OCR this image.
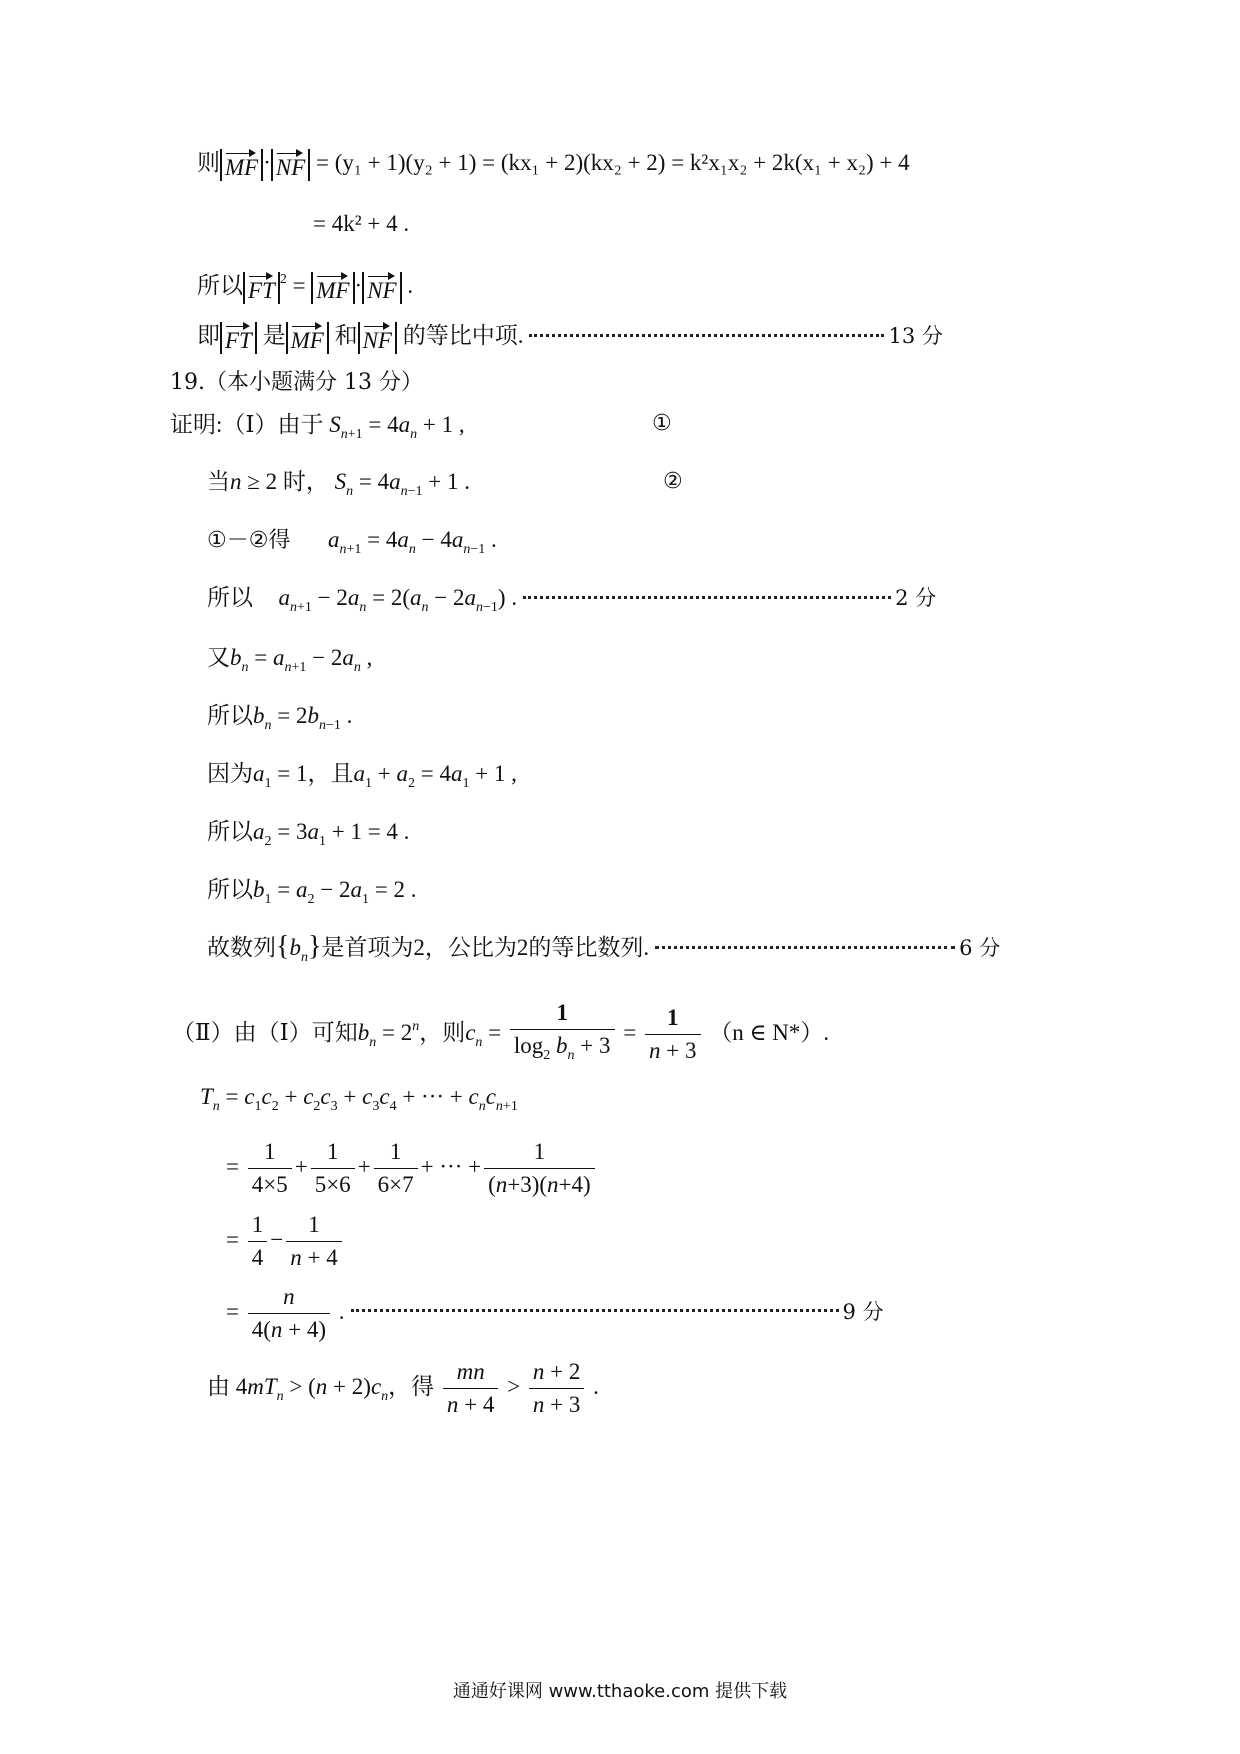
则 MF · NF = (y₁ + 1)(y₂ + 1) = (kx₁ + 2)(kx₂ + 2) = k²x₁x₂ + 2k(x₁ + x₂) + 4
= 4k² + 4 .
所以 FT $^2$ = MF · NF .
即 FT 是 MF 和 NF 的等比中项.	13 分
19.（本小题满分 13 分）
证明:（Ⅰ）由于 $S_{n+1} = 4a_n + 1$ ,	①
当n ≥ 2 时， $S_n = 4a_{n-1} + 1$ .	②
①－②得 $a_{n+1} = 4a_n - 4a_{n-1}$ .
所以 $a_{n+1} - 2a_n = 2(a_n - 2a_{n-1})$ .	2 分
又$b_n = a_{n+1} - 2a_n$ ,
所以$b_n = 2b_{n-1}$ .
因为$a_1 = 1$，且$a_1 + a_2 = 4a_1 + 1$ ,
所以$a_2 = 3a_1 + 1 = 4$ .
所以$b_1 = a_2 - 2a_1 = 2$ .
故数列$\{b_n\}$是首项为2，公比为2的等比数列.	6 分
（Ⅱ）由（Ⅰ）可知$b_n = 2^n$，则$c_n = \frac{1}{\log_2 b_n + 3} = \frac{1}{n + 3} (n$ ∈ N*）.
$T_n = c_1c_2 + c_2c_3 + c_3c_4$ + ··· + $c_nc_{n+1}$
= $\frac{1}{4\times 5} + \frac{1}{5\times 6} + \frac{1}{6\times 7}$ + ··· + $\frac{1}{(n+3)(n+4)}$
= $\frac{1}{4} - \frac{1}{n + 4}$
= $\frac{n}{4(n + 4)}$ .	9 分
由 $4mT_n > (n + 2)c_n$，得 $\frac{mn}{n + 4} > \frac{n + 2}{n + 3}$ .
通通好课网 www.tthaoke.com 提供下载
